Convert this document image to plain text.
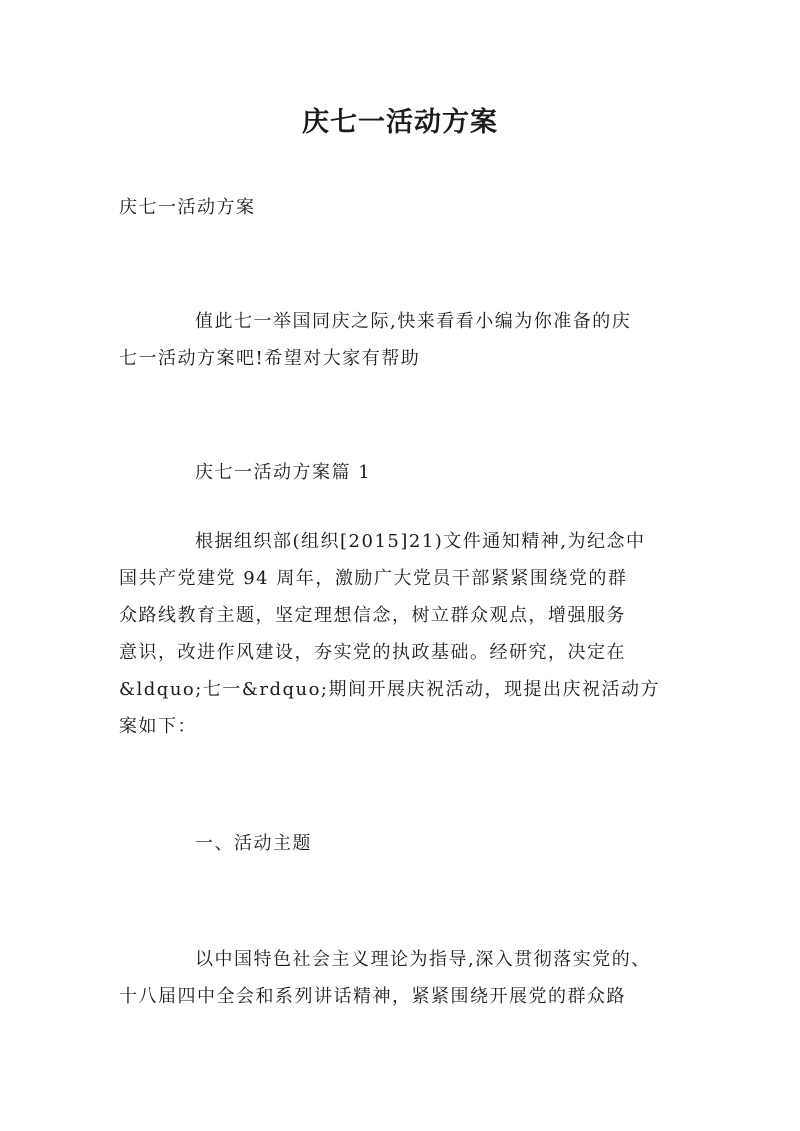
庆七一活动方案

庆七一活动方案

值此七一举国同庆之际,快来看看小编为你准备的庆
七一活动方案吧!希望对大家有帮助

庆七一活动方案篇 1

根据组织部(组织[2015]21)文件通知精神,为纪念中
国共产党建党 94 周年，激励广大党员干部紧紧围绕党的群
众路线教育主题，坚定理想信念，树立群众观点，增强服务
意识，改进作风建设，夯实党的执政基础。经研究，决定在
&ldquo;七一&rdquo;期间开展庆祝活动，现提出庆祝活动方
案如下：

一、活动主题

以中国特色社会主义理论为指导,深入贯彻落实党的、
十八届四中全会和系列讲话精神，紧紧围绕开展党的群众路
